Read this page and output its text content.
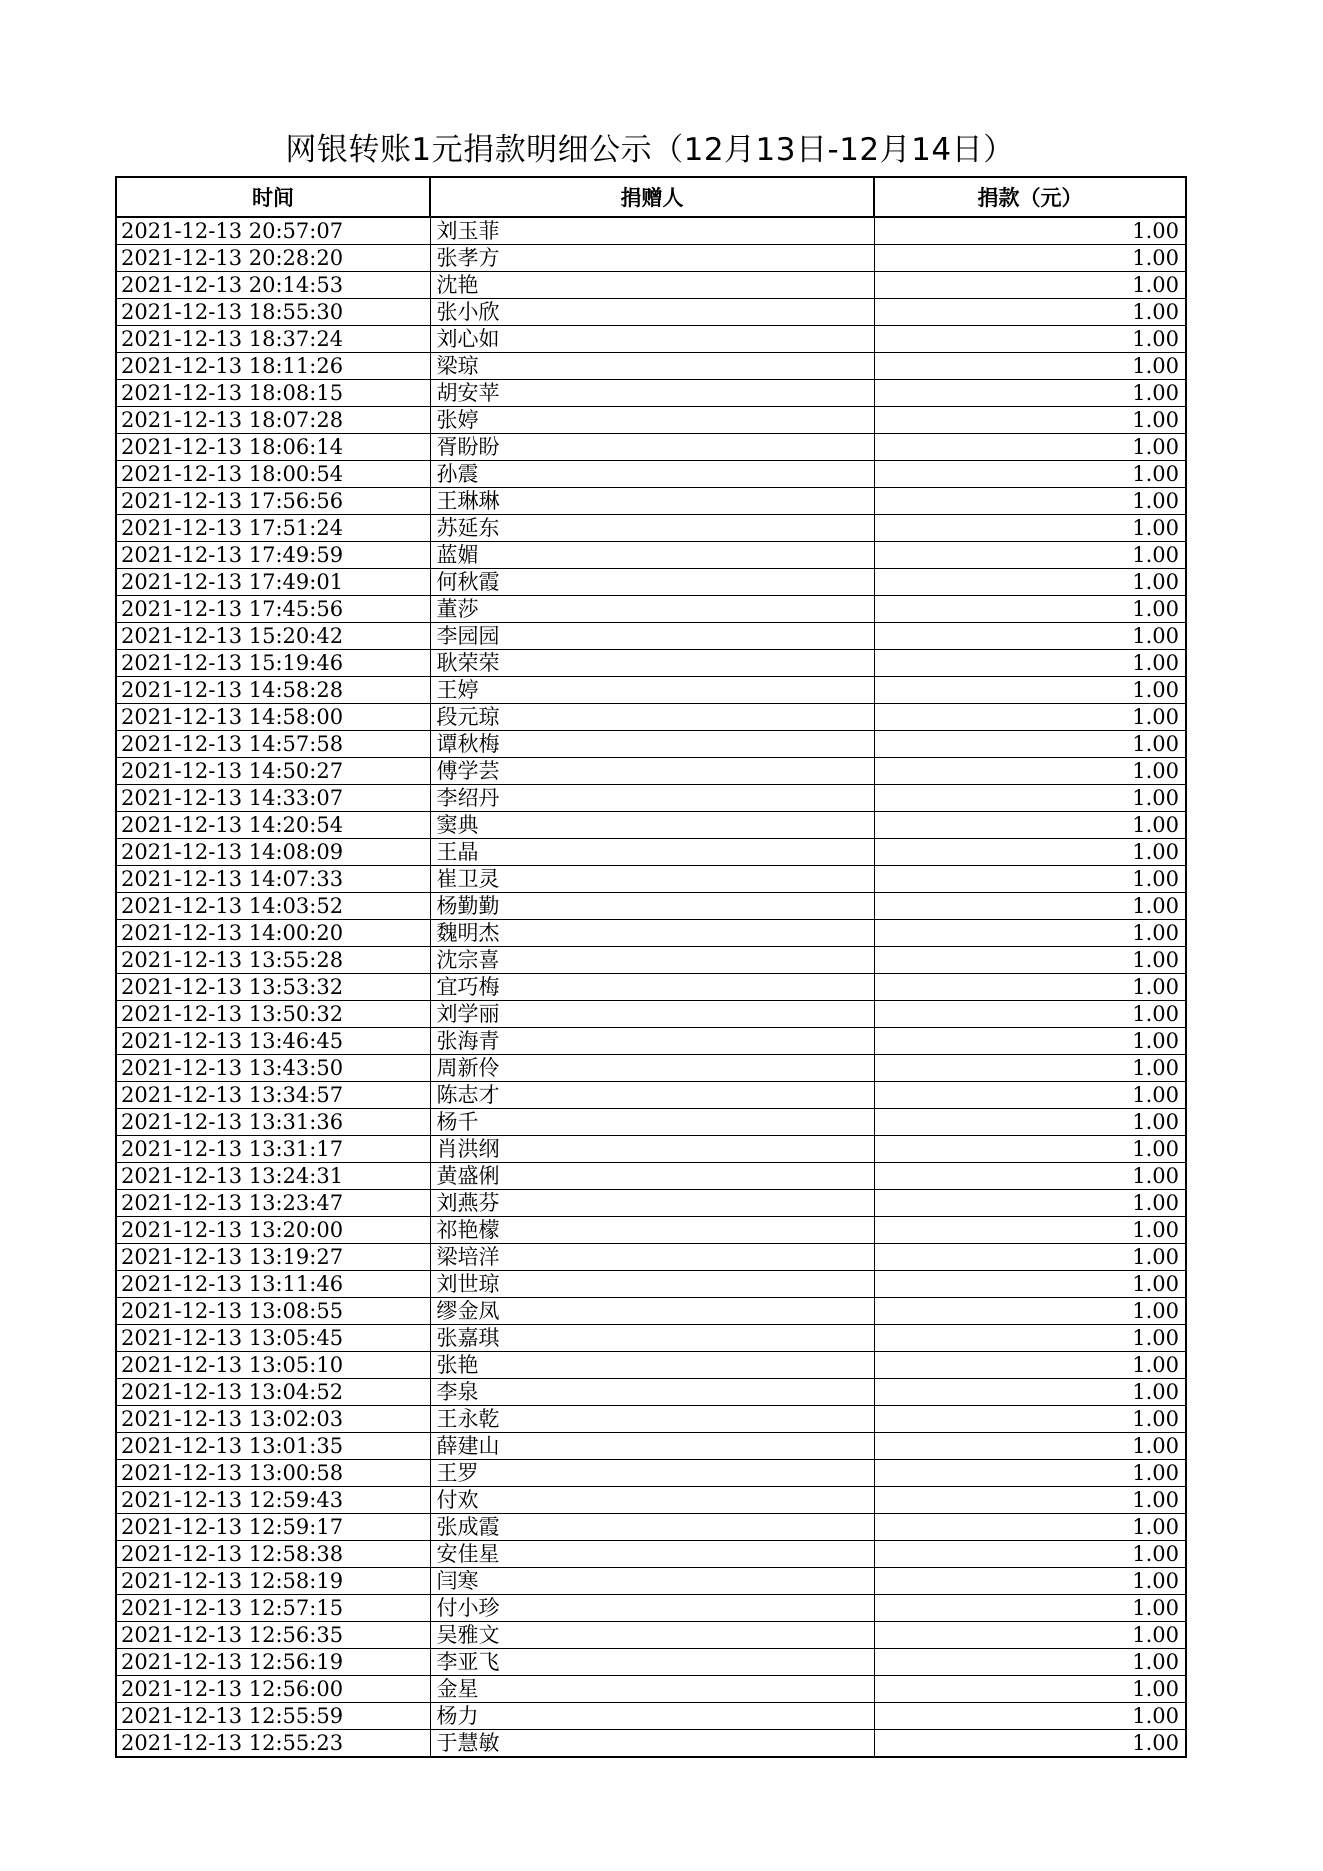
网银转账1元捐款明细公示（12月13日-12月14日）
时间	捐赠人	捐款（元）
2021-12-13 20:57:07	刘玉菲	1.00
2021-12-13 20:28:20	张孝方	1.00
2021-12-13 20:14:53	沈艳	1.00
2021-12-13 18:55:30	张小欣	1.00
2021-12-13 18:37:24	刘心如	1.00
2021-12-13 18:11:26	梁琼	1.00
2021-12-13 18:08:15	胡安苹	1.00
2021-12-13 18:07:28	张婷	1.00
2021-12-13 18:06:14	胥盼盼	1.00
2021-12-13 18:00:54	孙震	1.00
2021-12-13 17:56:56	王琳琳	1.00
2021-12-13 17:51:24	苏延东	1.00
2021-12-13 17:49:59	蓝媚	1.00
2021-12-13 17:49:01	何秋霞	1.00
2021-12-13 17:45:56	董莎	1.00
2021-12-13 15:20:42	李园园	1.00
2021-12-13 15:19:46	耿荣荣	1.00
2021-12-13 14:58:28	王婷	1.00
2021-12-13 14:58:00	段元琼	1.00
2021-12-13 14:57:58	谭秋梅	1.00
2021-12-13 14:50:27	傅学芸	1.00
2021-12-13 14:33:07	李绍丹	1.00
2021-12-13 14:20:54	窦典	1.00
2021-12-13 14:08:09	王晶	1.00
2021-12-13 14:07:33	崔卫灵	1.00
2021-12-13 14:03:52	杨勤勤	1.00
2021-12-13 14:00:20	魏明杰	1.00
2021-12-13 13:55:28	沈宗喜	1.00
2021-12-13 13:53:32	宜巧梅	1.00
2021-12-13 13:50:32	刘学丽	1.00
2021-12-13 13:46:45	张海青	1.00
2021-12-13 13:43:50	周新伶	1.00
2021-12-13 13:34:57	陈志才	1.00
2021-12-13 13:31:36	杨千	1.00
2021-12-13 13:31:17	肖洪纲	1.00
2021-12-13 13:24:31	黄盛俐	1.00
2021-12-13 13:23:47	刘燕芬	1.00
2021-12-13 13:20:00	祁艳檬	1.00
2021-12-13 13:19:27	梁培洋	1.00
2021-12-13 13:11:46	刘世琼	1.00
2021-12-13 13:08:55	缪金凤	1.00
2021-12-13 13:05:45	张嘉琪	1.00
2021-12-13 13:05:10	张艳	1.00
2021-12-13 13:04:52	李泉	1.00
2021-12-13 13:02:03	王永乾	1.00
2021-12-13 13:01:35	薛建山	1.00
2021-12-13 13:00:58	王罗	1.00
2021-12-13 12:59:43	付欢	1.00
2021-12-13 12:59:17	张成霞	1.00
2021-12-13 12:58:38	安佳星	1.00
2021-12-13 12:58:19	闫寒	1.00
2021-12-13 12:57:15	付小珍	1.00
2021-12-13 12:56:35	吴雅文	1.00
2021-12-13 12:56:19	李亚飞	1.00
2021-12-13 12:56:00	金星	1.00
2021-12-13 12:55:59	杨力	1.00
2021-12-13 12:55:23	于慧敏	1.00
